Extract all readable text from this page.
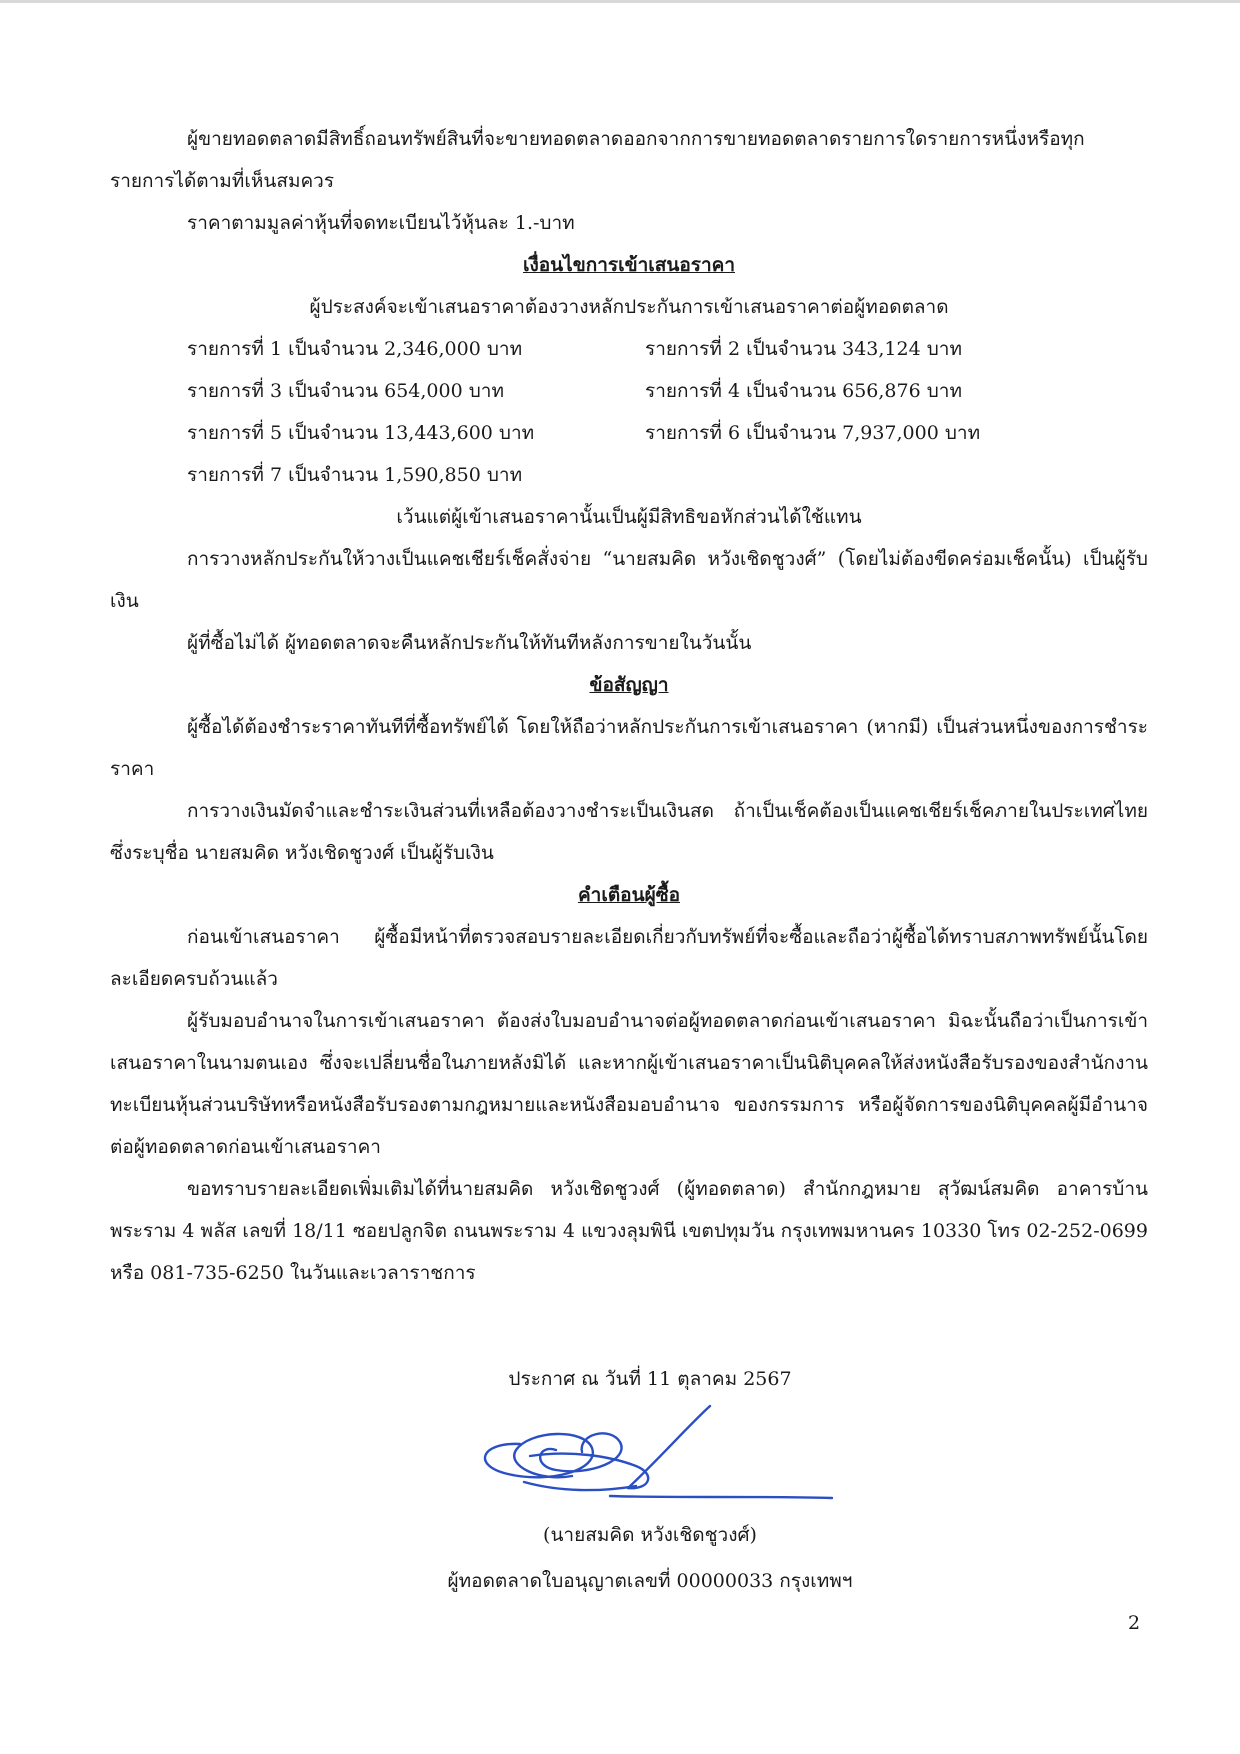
ผู้ขายทอดตลาดมีสิทธิ์ถอนทรัพย์สินที่จะขายทอดตลาดออกจากการขายทอดตลาดรายการใดรายการหนึ่งหรือทุกรายการได้ตามที่เห็นสมควร

ราคาตามมูลค่าหุ้นที่จดทะเบียนไว้หุ้นละ 1.-บาท

เงื่อนไขการเข้าเสนอราคา

ผู้ประสงค์จะเข้าเสนอราคาต้องวางหลักประกันการเข้าเสนอราคาต่อผู้ทอดตลาด

รายการที่ 1 เป็นจำนวน 2,346,000 บาท	รายการที่ 2 เป็นจำนวน 343,124 บาท
รายการที่ 3 เป็นจำนวน 654,000 บาท	รายการที่ 4 เป็นจำนวน 656,876 บาท
รายการที่ 5 เป็นจำนวน 13,443,600 บาท	รายการที่ 6 เป็นจำนวน 7,937,000 บาท
รายการที่ 7 เป็นจำนวน 1,590,850 บาท

เว้นแต่ผู้เข้าเสนอราคานั้นเป็นผู้มีสิทธิขอหักส่วนได้ใช้แทน

การวางหลักประกันให้วางเป็นแคชเชียร์เช็คสั่งจ่าย “นายสมคิด หวังเชิดชูวงศ์” (โดยไม่ต้องขีดคร่อมเช็คนั้น) เป็นผู้รับเงิน

ผู้ที่ซื้อไม่ได้ ผู้ทอดตลาดจะคืนหลักประกันให้ทันทีหลังการขายในวันนั้น

ข้อสัญญา

ผู้ซื้อได้ต้องชำระราคาทันทีที่ซื้อทรัพย์ได้ โดยให้ถือว่าหลักประกันการเข้าเสนอราคา (หากมี) เป็นส่วนหนึ่งของการชำระราคา

การวางเงินมัดจำและชำระเงินส่วนที่เหลือต้องวางชำระเป็นเงินสด ถ้าเป็นเช็คต้องเป็นแคชเชียร์เช็คภายในประเทศไทย ซึ่งระบุชื่อ นายสมคิด หวังเชิดชูวงศ์ เป็นผู้รับเงิน

คำเตือนผู้ซื้อ

ก่อนเข้าเสนอราคา ผู้ซื้อมีหน้าที่ตรวจสอบรายละเอียดเกี่ยวกับทรัพย์ที่จะซื้อและถือว่าผู้ซื้อได้ทราบสภาพทรัพย์นั้นโดยละเอียดครบถ้วนแล้ว

ผู้รับมอบอำนาจในการเข้าเสนอราคา ต้องส่งใบมอบอำนาจต่อผู้ทอดตลาดก่อนเข้าเสนอราคา มิฉะนั้นถือว่าเป็นการเข้าเสนอราคาในนามตนเอง ซึ่งจะเปลี่ยนชื่อในภายหลังมิได้ และหากผู้เข้าเสนอราคาเป็นนิติบุคคลให้ส่งหนังสือรับรองของสำนักงานทะเบียนหุ้นส่วนบริษัทหรือหนังสือรับรองตามกฎหมายและหนังสือมอบอำนาจ ของกรรมการ หรือผู้จัดการของนิติบุคคลผู้มีอำนาจต่อผู้ทอดตลาดก่อนเข้าเสนอราคา

ขอทราบรายละเอียดเพิ่มเติมได้ที่นายสมคิด หวังเชิดชูวงศ์ (ผู้ทอดตลาด) สำนักกฎหมาย สุวัฒน์สมคิด อาคารบ้านพระราม 4 พลัส เลขที่ 18/11 ซอยปลูกจิต ถนนพระราม 4 แขวงลุมพินี เขตปทุมวัน กรุงเทพมหานคร 10330 โทร 02-252-0699 หรือ 081-735-6250 ในวันและเวลาราชการ

ประกาศ ณ วันที่ 11 ตุลาคม 2567

(นายสมคิด หวังเชิดชูวงศ์)

ผู้ทอดตลาดใบอนุญาตเลขที่ 00000033 กรุงเทพฯ

2
